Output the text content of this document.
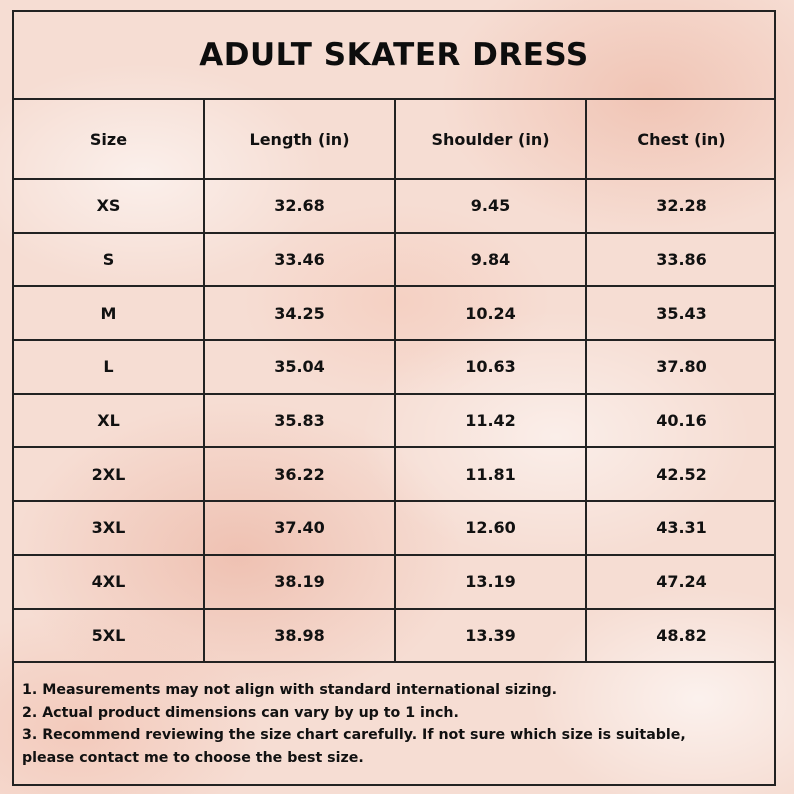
ADULT SKATER DRESS
Size	Length (in)	Shoulder (in)	Chest (in)
XS	32.68	9.45	32.28
S	33.46	9.84	33.86
M	34.25	10.24	35.43
L	35.04	10.63	37.80
XL	35.83	11.42	40.16
2XL	36.22	11.81	42.52
3XL	37.40	12.60	43.31
4XL	38.19	13.19	47.24
5XL	38.98	13.39	48.82

1. Measurements may not align with standard international sizing.

2. Actual product dimensions can vary by up to 1 inch.

3. Recommend reviewing the size chart carefully. If not sure which size is suitable,

please contact me to choose the best size.
